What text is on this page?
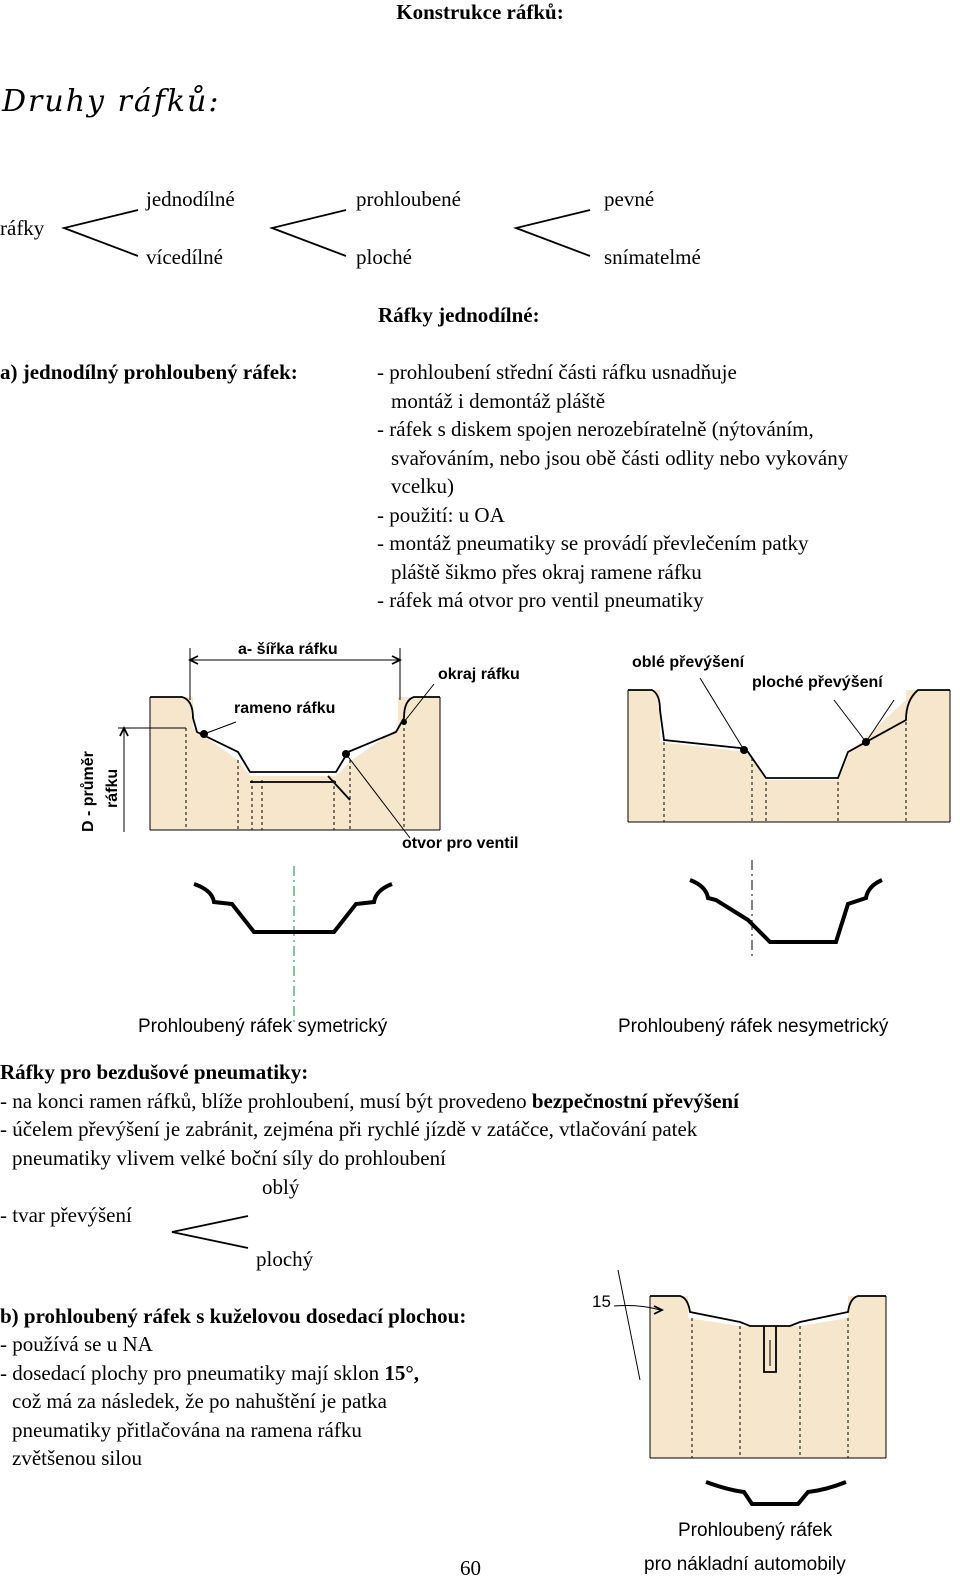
Konstrukce ráfků:
Druhy ráfků:
ráfky
jednodílné
vícedílné
prohloubené
ploché
pevné
snímatelmé
Ráfky jednodílné:
a) jednodílný prohloubený ráfek:	- prohloubení střední části ráfku usnadňuje
montáž i demontáž pláště
- ráfek s diskem spojen nerozebíratelně (nýtováním,
svařováním, nebo jsou obě části odlity nebo vykovány
vcelku)
- použití: u OA
- montáž pneumatiky se provádí převlečením patky
pláště šikmo přes okraj ramene ráfku
- ráfek má otvor pro ventil pneumatiky
a- šířka ráfku
okraj ráfku
rameno ráfku
otvor pro ventil
D - průměr ráfku
Prohloubený ráfek symetrický
oblé převýšení
ploché převýšení
Prohloubený ráfek nesymetrický
Ráfky pro bezdušové pneumatiky:
- na konci ramen ráfků, blíže prohloubení, musí být provedeno bezpečnostní převýšení
- účelem převýšení je zabránit, zejména při rychlé jízdě v zatáčce, vtlačování patek
pneumatiky vlivem velké boční síly do prohloubení
- tvar převýšení
oblý
plochý
b) prohloubený ráfek s kuželovou dosedací plochou:
- používá se u NA
- dosedací plochy pro pneumatiky mají sklon 15°,
což má za následek, že po nahuštění je patka
pneumatiky přitlačována na ramena ráfku
zvětšenou silou
15
Prohloubený ráfek
pro nákladní automobily
60
